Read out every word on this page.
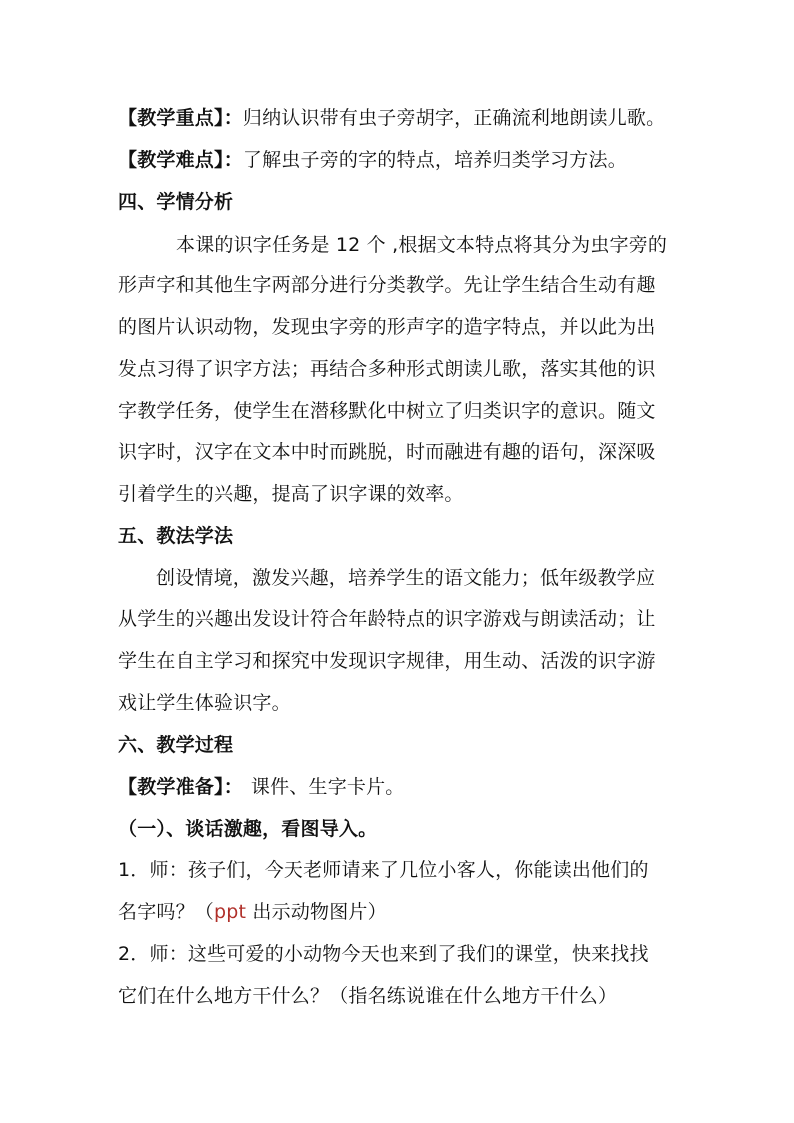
【教学重点】：归纳认识带有虫子旁胡字，正确流利地朗读儿歌。
【教学难点】：了解虫子旁的字的特点，培养归类学习方法。
四、学情分析
本课的识字任务是 12 个 ,根据文本特点将其分为虫字旁的
形声字和其他生字两部分进行分类教学。先让学生结合生动有趣
的图片认识动物，发现虫字旁的形声字的造字特点，并以此为出
发点习得了识字方法；再结合多种形式朗读儿歌，落实其他的识
字教学任务，使学生在潜移默化中树立了归类识字的意识。随文
识字时，汉字在文本中时而跳脱，时而融进有趣的语句，深深吸
引着学生的兴趣，提高了识字课的效率。
五、教法学法
创设情境，激发兴趣，培养学生的语文能力；低年级教学应
从学生的兴趣出发设计符合年龄特点的识字游戏与朗读活动；让
学生在自主学习和探究中发现识字规律，用生动、活泼的识字游
戏让学生体验识字。
六、教学过程
【教学准备】： 课件、生字卡片。
（一）、谈话激趣，看图导入。
1．师：孩子们，今天老师请来了几位小客人，你能读出他们的
名字吗？（ppt 出示动物图片）
2．师：这些可爱的小动物今天也来到了我们的课堂，快来找找
它们在什么地方干什么？（指名练说谁在什么地方干什么）
